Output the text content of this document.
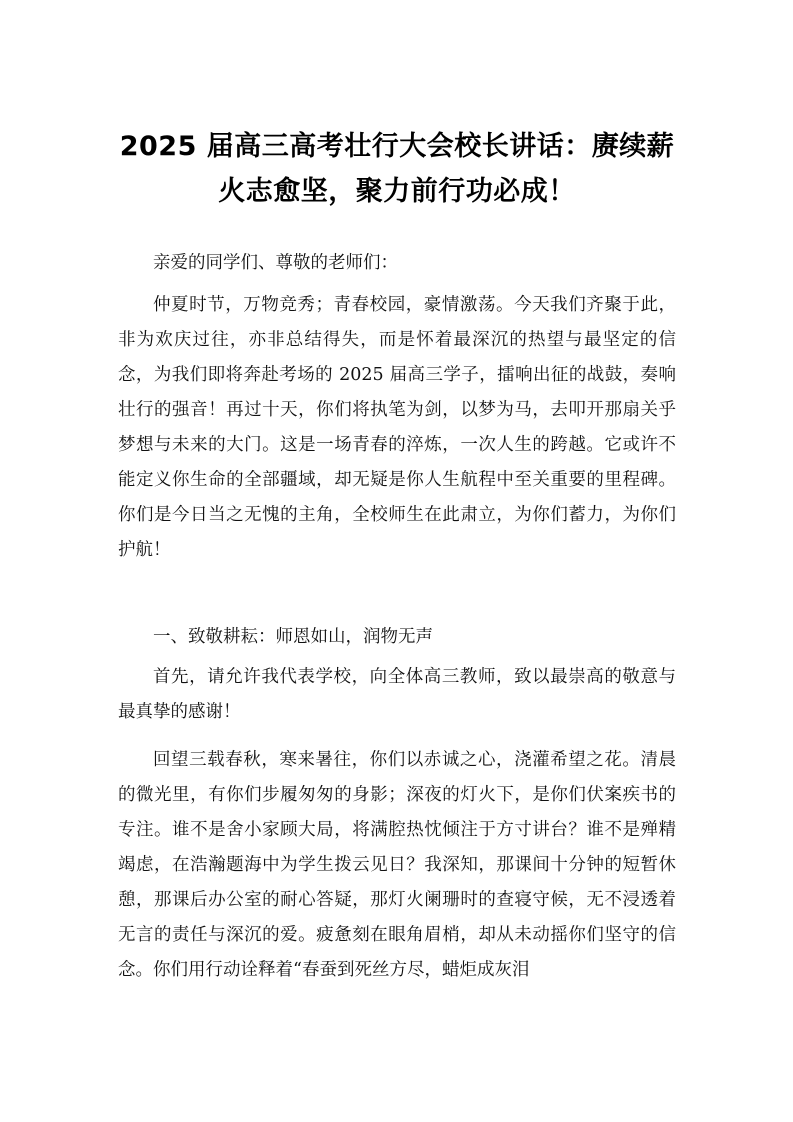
2025 届高三高考壮行大会校长讲话：赓续薪
火志愈坚，聚力前行功必成！

亲爱的同学们、尊敬的老师们：

仲夏时节，万物竞秀；青春校园，豪情激荡。今天我们齐聚于此，非为欢庆过往，亦非总结得失，而是怀着最深沉的热望与最坚定的信念，为我们即将奔赴考场的 2025 届高三学子，擂响出征的战鼓，奏响壮行的强音！再过十天，你们将执笔为剑，以梦为马，去叩开那扇关乎梦想与未来的大门。这是一场青春的淬炼，一次人生的跨越。它或许不能定义你生命的全部疆域，却无疑是你人生航程中至关重要的里程碑。你们是今日当之无愧的主角，全校师生在此肃立，为你们蓄力，为你们护航！

一、致敬耕耘：师恩如山，润物无声

首先，请允许我代表学校，向全体高三教师，致以最崇高的敬意与最真挚的感谢！

回望三载春秋，寒来暑往，你们以赤诚之心，浇灌希望之花。清晨的微光里，有你们步履匆匆的身影；深夜的灯火下，是你们伏案疾书的专注。谁不是舍小家顾大局，将满腔热忱倾注于方寸讲台？谁不是殚精竭虑，在浩瀚题海中为学生拨云见日？我深知，那课间十分钟的短暂休憩，那课后办公室的耐心答疑，那灯火阑珊时的查寝守候，无不浸透着无言的责任与深沉的爱。疲惫刻在眼角眉梢，却从未动摇你们坚守的信念。你们用行动诠释着“春蚕到死丝方尽，蜡炬成灰泪
